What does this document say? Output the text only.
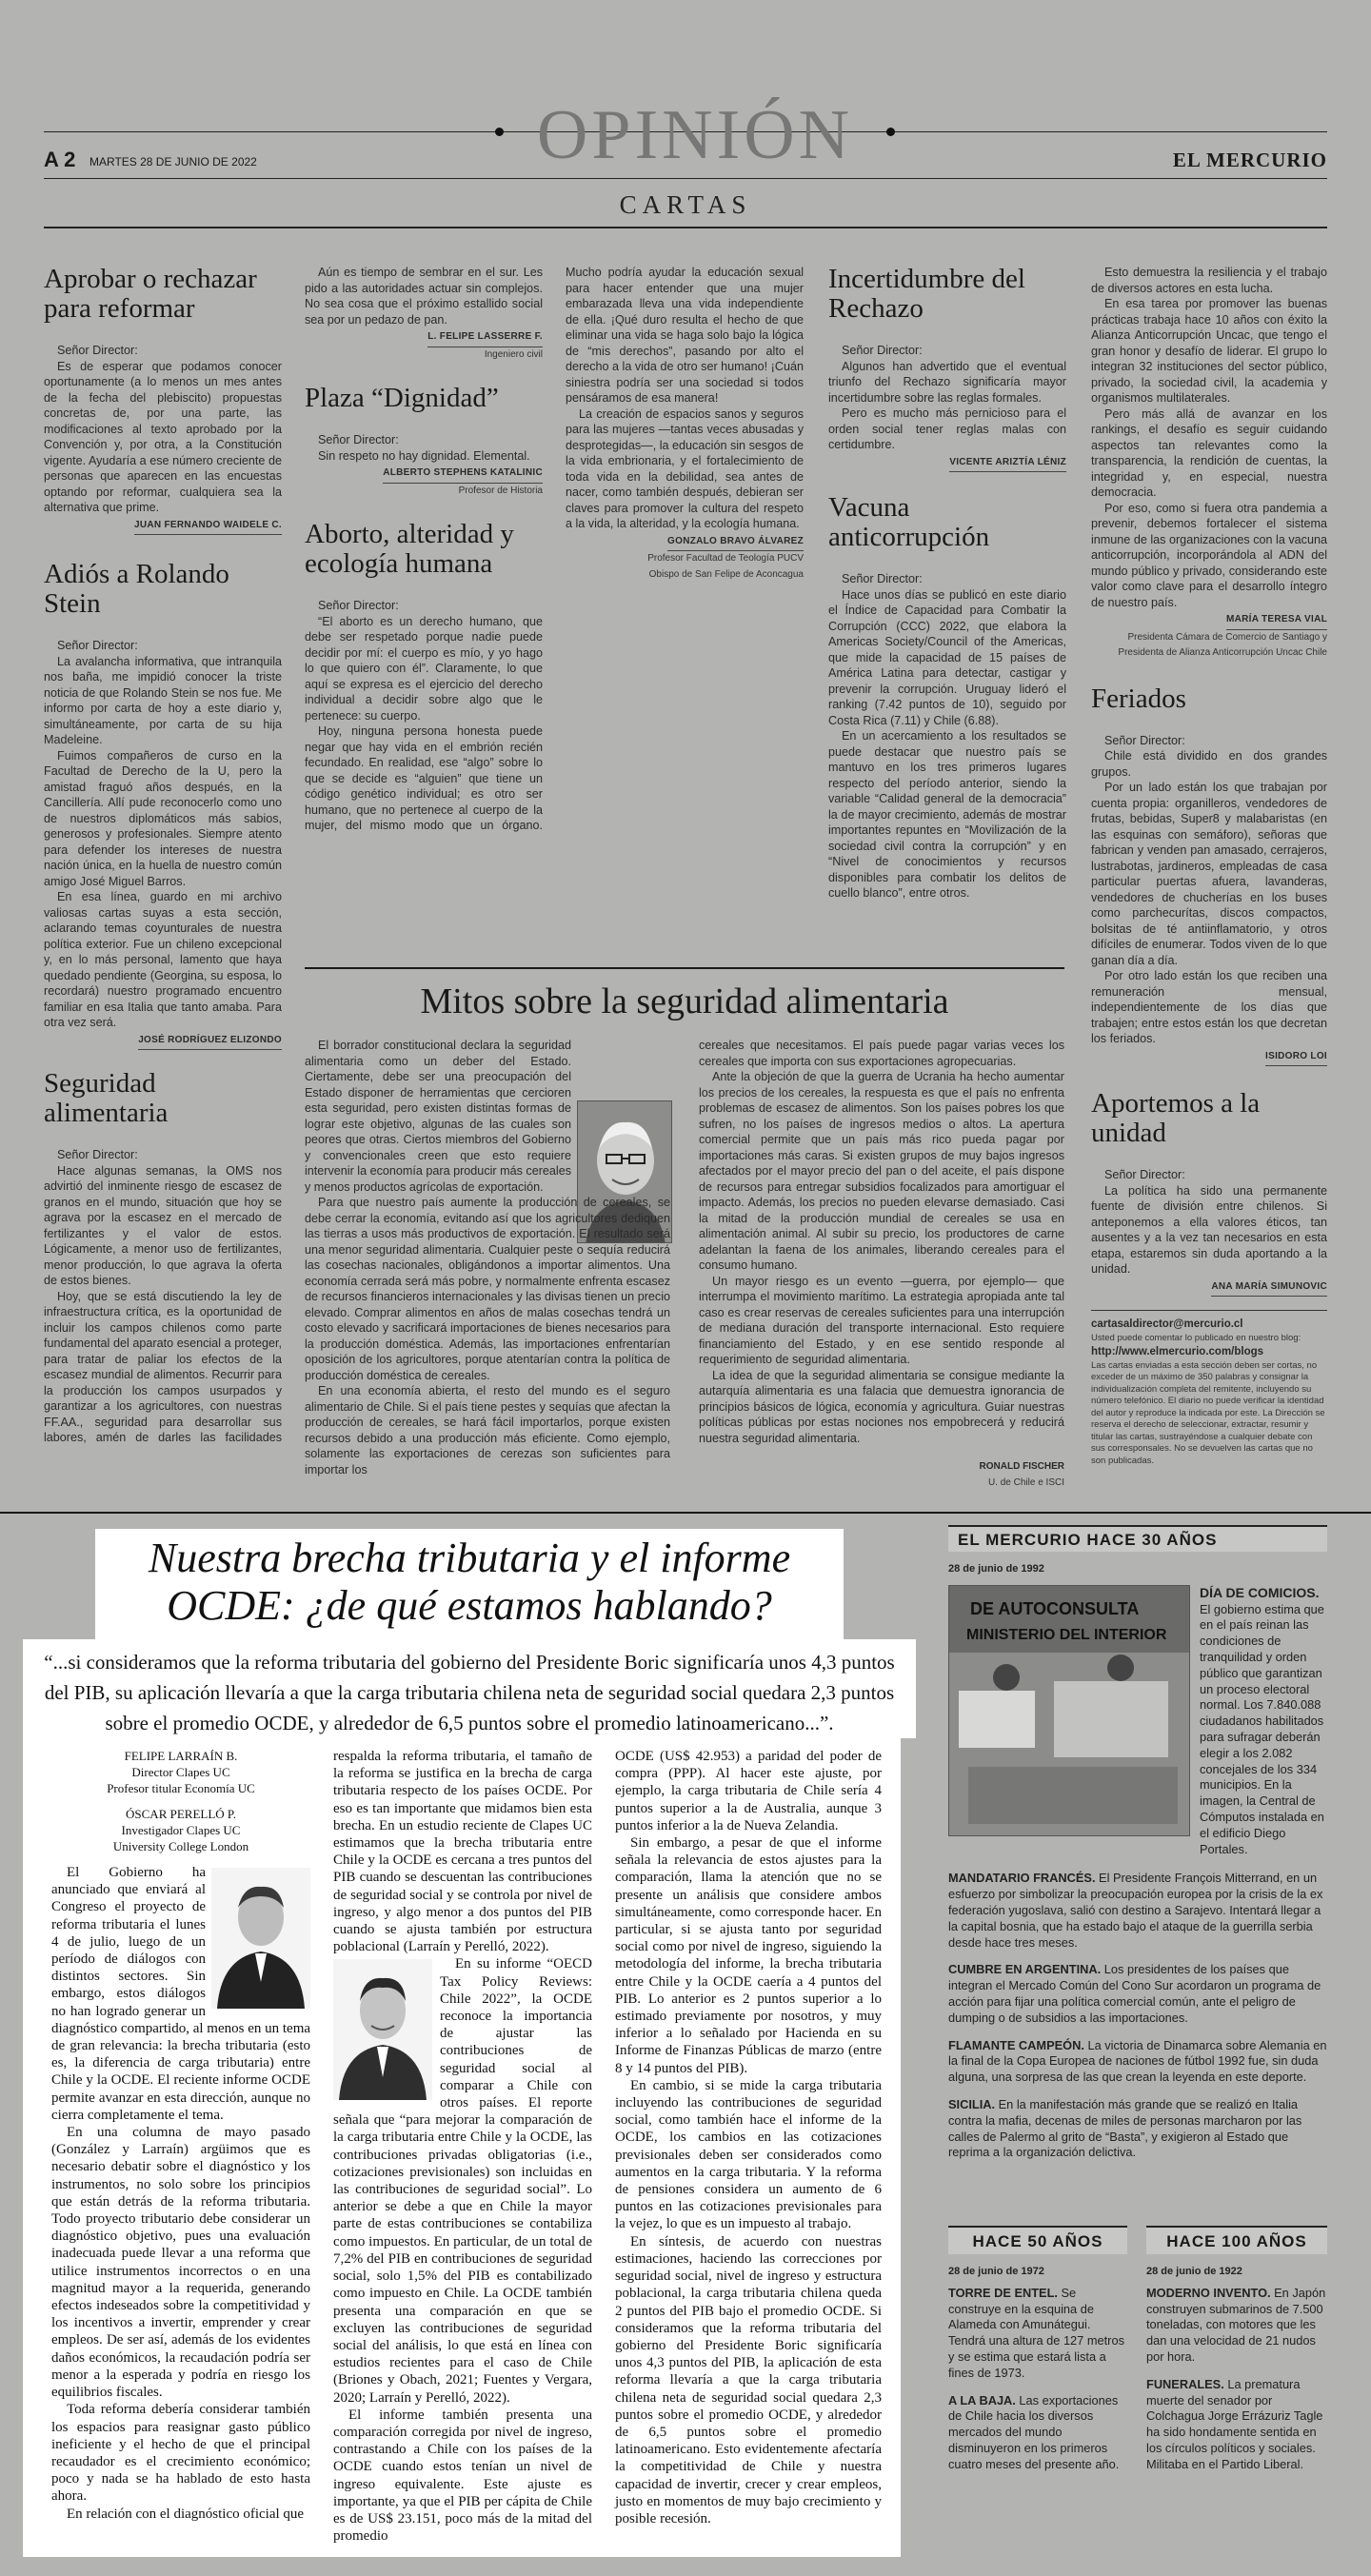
OPINIÓN
A 2 MARTES 28 DE JUNIO DE 2022	EL MERCURIO
CARTAS
Aprobar o rechazar para reformar
Señor Director:

Es de esperar que podamos conocer oportunamente (a lo menos un mes antes de la fecha del plebiscito) propuestas concretas de, por una parte, las modificaciones al texto aprobado por la Convención y, por otra, a la Constitución vigente. Ayudaría a ese número creciente de personas que aparecen en las encuestas optando por reformar, cualquiera sea la alternativa que prime.

JUAN FERNANDO WAIDELE C.
Adiós a Rolando Stein
Señor Director:

La avalancha informativa, que intranquila nos baña, me impidió conocer la triste noticia de que Rolando Stein se nos fue. Me informo por carta de hoy a este diario y, simultáneamente, por carta de su hija Madeleine.

Fuimos compañeros de curso en la Facultad de Derecho de la U, pero la amistad fraguó años después, en la Cancillería. Allí pude reconocerlo como uno de nuestros diplomáticos más sabios, generosos y profesionales. Siempre atento para defender los intereses de nuestra nación única, en la huella de nuestro común amigo José Miguel Barros.

En esa línea, guardo en mi archivo valiosas cartas suyas a esta sección, aclarando temas coyunturales de nuestra política exterior. Fue un chileno excepcional y, en lo más personal, lamento que haya quedado pendiente (Georgina, su esposa, lo recordará) nuestro programado encuentro familiar en esa Italia que tanto amaba. Para otra vez será.

JOSÉ RODRÍGUEZ ELIZONDO
Seguridad alimentaria
Señor Director:

Hace algunas semanas, la OMS nos advirtió del inminente riesgo de escasez de granos en el mundo, situación que hoy se agrava por la escasez en el mercado de fertilizantes y el valor de estos. Lógicamente, a menor uso de fertilizantes, menor producción, lo que agrava la oferta de estos bienes.

Hoy, que se está discutiendo la ley de infraestructura crítica, es la oportunidad de incluir los campos chilenos como parte fundamental del aparato esencial a proteger, para tratar de paliar los efectos de la escasez mundial de alimentos. Recurrir para la producción los campos usurpados y garantizar a los agricultores, con nuestras FF.AA., seguridad para desarrollar sus labores, amén de darles las facilidades

Aún es tiempo de sembrar en el sur. Les pido a las autoridades actuar sin complejos. No sea cosa que el próximo estallido social sea por un pedazo de pan.

L. FELIPE LASSERRE F.
Ingeniero civil
Plaza “Dignidad”
Señor Director:

Sin respeto no hay dignidad. Elemental.

ALBERTO STEPHENS KATALINIC
Profesor de Historia
Aborto, alteridad y ecología humana
Señor Director:

“El aborto es un derecho humano, que debe ser respetado porque nadie puede decidir por mí: el cuerpo es mío, y yo hago lo que quiero con él”. Claramente, lo que aquí se expresa es el ejercicio del derecho individual a decidir sobre algo que le pertenece: su cuerpo.

Hoy, ninguna persona honesta puede negar que hay vida en el embrión recién fecundado. En realidad, ese “algo” sobre lo que se decide es “alguien” que tiene un código genético individual; es otro ser humano, que no pertenece al cuerpo de la mujer, del mismo modo que un órgano.

Mucho podría ayudar la educación sexual para hacer entender que una mujer embarazada lleva una vida independiente de ella. ¡Qué duro resulta el hecho de que eliminar una vida se haga solo bajo la lógica de “mis derechos”, pasando por alto el derecho a la vida de otro ser humano! ¡Cuán siniestra podría ser una sociedad si todos pensáramos de esa manera!

La creación de espacios sanos y seguros para las mujeres —tantas veces abusadas y desprotegidas—, la educación sin sesgos de la vida embrionaria, y el fortalecimiento de toda vida en la debilidad, sea antes de nacer, como también después, debieran ser claves para promover la cultura del respeto a la vida, la alteridad, y la ecología humana.

GONZALO BRAVO ÁLVAREZ
Profesor Facultad de Teología PUCV
Obispo de San Felipe de Aconcagua
Incertidumbre del Rechazo
Señor Director:

Algunos han advertido que el eventual triunfo del Rechazo significaría mayor incertidumbre sobre las reglas formales.

Pero es mucho más pernicioso para el orden social tener reglas malas con certidumbre.

VICENTE ARIZTÍA LÉNIZ
Vacuna anticorrupción
Señor Director:

Hace unos días se publicó en este diario el Índice de Capacidad para Combatir la Corrupción (CCC) 2022, que elabora la Americas Society/Council of the Americas, que mide la capacidad de 15 países de América Latina para detectar, castigar y prevenir la corrupción. Uruguay lideró el ranking (7.42 puntos de 10), seguido por Costa Rica (7.11) y Chile (6.88).

En un acercamiento a los resultados se puede destacar que nuestro país se mantuvo en los tres primeros lugares respecto del período anterior, siendo la variable “Calidad general de la democracia” la de mayor crecimiento, además de mostrar importantes repuntes en “Movilización de la sociedad civil contra la corrupción” y en “Nivel de conocimientos y recursos disponibles para combatir los delitos de cuello blanco”, entre otros.

Esto demuestra la resiliencia y el trabajo de diversos actores en esta lucha.

En esa tarea por promover las buenas prácticas trabaja hace 10 años con éxito la Alianza Anticorrupción Uncac, que tengo el gran honor y desafío de liderar. El grupo lo integran 32 instituciones del sector público, privado, la sociedad civil, la academia y organismos multilaterales.

Pero más allá de avanzar en los rankings, el desafío es seguir cuidando aspectos tan relevantes como la transparencia, la rendición de cuentas, la integridad y, en especial, nuestra democracia.

Por eso, como si fuera otra pandemia a prevenir, debemos fortalecer el sistema inmune de las organizaciones con la vacuna anticorrupción, incorporándola al ADN del mundo público y privado, considerando este valor como clave para el desarrollo íntegro de nuestro país.

MARÍA TERESA VIAL
Presidenta Cámara de Comercio de Santiago y
Presidenta de Alianza Anticorrupción Uncac Chile
Feriados
Señor Director:

Chile está dividido en dos grandes grupos.

Por un lado están los que trabajan por cuenta propia: organilleros, vendedores de frutas, bebidas, Super8 y malabaristas (en las esquinas con semáforo), señoras que fabrican y venden pan amasado, cerrajeros, lustrabotas, jardineros, empleadas de casa particular puertas afuera, lavanderas, vendedores de chucherías en los buses como parchecurítas, discos compactos, bolsitas de té antiinflamatorio, y otros difíciles de enumerar. Todos viven de lo que ganan día a día.

Por otro lado están los que reciben una remuneración mensual, independientemente de los días que trabajen; entre estos están los que decretan los feriados.

ISIDORO LOI
Aportemos a la unidad
Señor Director:

La política ha sido una permanente fuente de división entre chilenos. Si anteponemos a ella valores éticos, tan ausentes y a la vez tan necesarios en esta etapa, estaremos sin duda aportando a la unidad.

ANA MARÍA SIMUNOVIC
cartasaldirector@mercurio.cl
Usted puede comentar lo publicado en nuestro blog:
http://www.elmercurio.com/blogs
Las cartas enviadas a esta sección deben ser cortas, no exceder de un máximo de 350 palabras y consignar la individualización completa del remitente, incluyendo su número telefónico. El diario no puede verificar la identidad del autor y reproduce la indicada por este. La Dirección se reserva el derecho de seleccionar, extractar, resumir y titular las cartas, sustrayéndose a cualquier debate con sus corresponsales. No se devuelven las cartas que no son publicadas.
Mitos sobre la seguridad alimentaria

El borrador constitucional declara la seguridad alimentaria como un deber del Estado. Ciertamente, debe ser una preocupación del Estado disponer de herramientas que cercioren esta seguridad, pero existen distintas formas de lograr este objetivo, algunas de las cuales son peores que otras. Ciertos miembros del Gobierno y convencionales creen que esto requiere intervenir la economía para producir más cereales y menos productos agrícolas de exportación.

Para que nuestro país aumente la producción de cereales, se debe cerrar la economía, evitando así que los agricultores dediquen las tierras a usos más productivos de exportación. El resultado será una menor seguridad alimentaria. Cualquier peste o sequía reducirá las cosechas nacionales, obligándonos a importar alimentos. Una economía cerrada será más pobre, y normalmente enfrenta escasez de recursos financieros internacionales y las divisas tienen un precio elevado. Comprar alimentos en años de malas cosechas tendrá un costo elevado y sacrificará importaciones de bienes necesarios para la producción doméstica. Además, las importaciones enfrentarían oposición de los agricultores, porque atentarían contra la política de producción doméstica de cereales.

En una economía abierta, el resto del mundo es el seguro alimentario de Chile. Si el país tiene pestes y sequías que afectan la producción de cereales, se hará fácil importarlos, porque existen recursos debido a una producción más eficiente. Como ejemplo, solamente las exportaciones de cerezas son suficientes para importar los

cereales que necesitamos. El país puede pagar varias veces los cereales que importa con sus exportaciones agropecuarias.

Ante la objeción de que la guerra de Ucrania ha hecho aumentar los precios de los cereales, la respuesta es que el país no enfrenta problemas de escasez de alimentos. Son los países pobres los que sufren, no los países de ingresos medios o altos. La apertura comercial permite que un país más rico pueda pagar por importaciones más caras. Si existen grupos de muy bajos ingresos afectados por el mayor precio del pan o del aceite, el país dispone de recursos para entregar subsidios focalizados para amortiguar el impacto. Además, los precios no pueden elevarse demasiado. Casi la mitad de la producción mundial de cereales se usa en alimentación animal. Al subir su precio, los productores de carne adelantan la faena de los animales, liberando cereales para el consumo humano.

Un mayor riesgo es un evento —guerra, por ejemplo— que interrumpa el movimiento marítimo. La estrategia apropiada ante tal caso es crear reservas de cereales suficientes para una interrupción de mediana duración del transporte internacional. Esto requiere financiamiento del Estado, y en ese sentido responde al requerimiento de seguridad alimentaria.

La idea de que la seguridad alimentaria se consigue mediante la autarquía alimentaria es una falacia que demuestra ignorancia de principios básicos de lógica, economía y agricultura. Guiar nuestras políticas públicas por estas nociones nos empobrecerá y reducirá nuestra seguridad alimentaria.

RONALD FISCHER
U. de Chile e ISCI
Nuestra brecha tributaria y el informe
OCDE: ¿de qué estamos hablando?
“...si consideramos que la reforma tributaria del gobierno del Presidente Boric significaría unos 4,3 puntos del PIB, su aplicación llevaría a que la carga tributaria chilena neta de seguridad social quedara 2,3 puntos sobre el promedio OCDE, y alrededor de 6,5 puntos sobre el promedio latinoamericano...”.
FELIPE LARRAÍN B.
Director Clapes UC
Profesor titular Economía UC
ÓSCAR PERELLÓ P.
Investigador Clapes UC
University College London

El Gobierno ha anunciado que enviará al Congreso el proyecto de reforma tributaria el lunes 4 de julio, luego de un período de diálogos con distintos sectores. Sin embargo, estos diálogos no han logrado generar un diagnóstico compartido, al menos en un tema de gran relevancia: la brecha tributaria (esto es, la diferencia de carga tributaria) entre Chile y la OCDE. El reciente informe OCDE permite avanzar en esta dirección, aunque no cierra completamente el tema.

En una columna de mayo pasado (González y Larraín) argüimos que es necesario debatir sobre el diagnóstico y los instrumentos, no solo sobre los principios que están detrás de la reforma tributaria. Todo proyecto tributario debe considerar un diagnóstico objetivo, pues una evaluación inadecuada puede llevar a una reforma que utilice instrumentos incorrectos o en una magnitud mayor a la requerida, generando efectos indeseados sobre la competitividad y los incentivos a invertir, emprender y crear empleos. De ser así, además de los evidentes daños económicos, la recaudación podría ser menor a la esperada y podría en riesgo los equilibrios fiscales.

Toda reforma debería considerar también los espacios para reasignar gasto público ineficiente y el hecho de que el principal recaudador es el crecimiento económico; poco y nada se ha hablado de esto hasta ahora.

En relación con el diagnóstico oficial que

respalda la reforma tributaria, el tamaño de la reforma se justifica en la brecha de carga tributaria respecto de los países OCDE. Por eso es tan importante que midamos bien esta brecha. En un estudio reciente de Clapes UC estimamos que la brecha tributaria entre Chile y la OCDE es cercana a tres puntos del PIB cuando se descuentan las contribuciones de seguridad social y se controla por nivel de ingreso, y algo menor a dos puntos del PIB cuando se ajusta también por estructura poblacional (Larraín y Perelló, 2022).

En su informe “OECD Tax Policy Reviews: Chile 2022”, la OCDE reconoce la importancia de ajustar las contribuciones de seguridad social al comparar a Chile con otros países. El reporte señala que “para mejorar la comparación de la carga tributaria entre Chile y la OCDE, las contribuciones privadas obligatorias (i.e., cotizaciones previsionales) son incluidas en las contribuciones de seguridad social”. Lo anterior se debe a que en Chile la mayor parte de estas contribuciones se contabiliza como impuestos. En particular, de un total de 7,2% del PIB en contribuciones de seguridad social, solo 1,5% del PIB es contabilizado como impuesto en Chile. La OCDE también presenta una comparación en que se excluyen las contribuciones de seguridad social del análisis, lo que está en línea con estudios recientes para el caso de Chile (Briones y Obach, 2021; Fuentes y Vergara, 2020; Larraín y Perelló, 2022).

El informe también presenta una comparación corregida por nivel de ingreso, contrastando a Chile con los países de la OCDE cuando estos tenían un nivel de ingreso equivalente. Este ajuste es importante, ya que el PIB per cápita de Chile es de US$ 23.151, poco más de la mitad del promedio

OCDE (US$ 42.953) a paridad del poder de compra (PPP). Al hacer este ajuste, por ejemplo, la carga tributaria de Chile sería 4 puntos superior a la de Australia, aunque 3 puntos inferior a la de Nueva Zelandia.

Sin embargo, a pesar de que el informe señala la relevancia de estos ajustes para la comparación, llama la atención que no se presente un análisis que considere ambos simultáneamente, como corresponde hacer. En particular, si se ajusta tanto por seguridad social como por nivel de ingreso, siguiendo la metodología del informe, la brecha tributaria entre Chile y la OCDE caería a 4 puntos del PIB. Lo anterior es 2 puntos superior a lo estimado previamente por nosotros, y muy inferior a lo señalado por Hacienda en su Informe de Finanzas Públicas de marzo (entre 8 y 14 puntos del PIB).

En cambio, si se mide la carga tributaria incluyendo las contribuciones de seguridad social, como también hace el informe de la OCDE, los cambios en las cotizaciones previsionales deben ser considerados como aumentos en la carga tributaria. Y la reforma de pensiones considera un aumento de 6 puntos en las cotizaciones previsionales para la vejez, lo que es un impuesto al trabajo.

En síntesis, de acuerdo con nuestras estimaciones, haciendo las correcciones por seguridad social, nivel de ingreso y estructura poblacional, la carga tributaria chilena queda 2 puntos del PIB bajo el promedio OCDE. Si consideramos que la reforma tributaria del gobierno del Presidente Boric significaría unos 4,3 puntos del PIB, la aplicación de esta reforma llevaría a que la carga tributaria chilena neta de seguridad social quedara 2,3 puntos sobre el promedio OCDE, y alrededor de 6,5 puntos sobre el promedio latinoamericano. Esto evidentemente afectaría la competitividad de Chile y nuestra capacidad de invertir, crecer y crear empleos, justo en momentos de muy bajo crecimiento y posible recesión.

EL MERCURIO HACE 30 AÑOS
28 de junio de 1992
DE AUTOCONSULTA
MINISTERIO DEL INTERIOR
DÍA DE COMICIOS. El gobierno estima que en el país reinan las condiciones de tranquilidad y orden público que garantizan un proceso electoral normal. Los 7.840.088 ciudadanos habilitados para sufragar deberán elegir a los 2.082 concejales de los 334 municipios. En la imagen, la Central de Cómputos instalada en el edificio Diego Portales.
MANDATARIO FRANCÉS. El Presidente François Mitterrand, en un esfuerzo por simbolizar la preocupación europea por la crisis de la ex federación yugoslava, salió con destino a Sarajevo. Intentará llegar a la capital bosnia, que ha estado bajo el ataque de la guerrilla serbia desde hace tres meses.
CUMBRE EN ARGENTINA. Los presidentes de los países que integran el Mercado Común del Cono Sur acordaron un programa de acción para fijar una política comercial común, ante el peligro de dumping o de subsidios a las importaciones.
FLAMANTE CAMPEÓN. La victoria de Dinamarca sobre Alemania en la final de la Copa Europea de naciones de fútbol 1992 fue, sin duda alguna, una sorpresa de las que crean la leyenda en este deporte.
SICILIA. En la manifestación más grande que se realizó en Italia contra la mafia, decenas de miles de personas marcharon por las calles de Palermo al grito de “Basta”, y exigieron al Estado que reprima a la organización delictiva.
HACE 50 AÑOS	HACE 100 AÑOS
28 de junio de 1972
TORRE DE ENTEL. Se construye en la esquina de Alameda con Amunátegui. Tendrá una altura de 127 metros y se estima que estará lista a fines de 1973.
A LA BAJA. Las exportaciones de Chile hacia los diversos mercados del mundo disminuyeron en los primeros cuatro meses del presente año.
28 de junio de 1922
MODERNO INVENTO. En Japón construyen submarinos de 7.500 toneladas, con motores que les dan una velocidad de 21 nudos por hora.
FUNERALES. La prematura muerte del senador por Colchagua Jorge Errázuriz Tagle ha sido hondamente sentida en los círculos políticos y sociales. Militaba en el Partido Liberal.
